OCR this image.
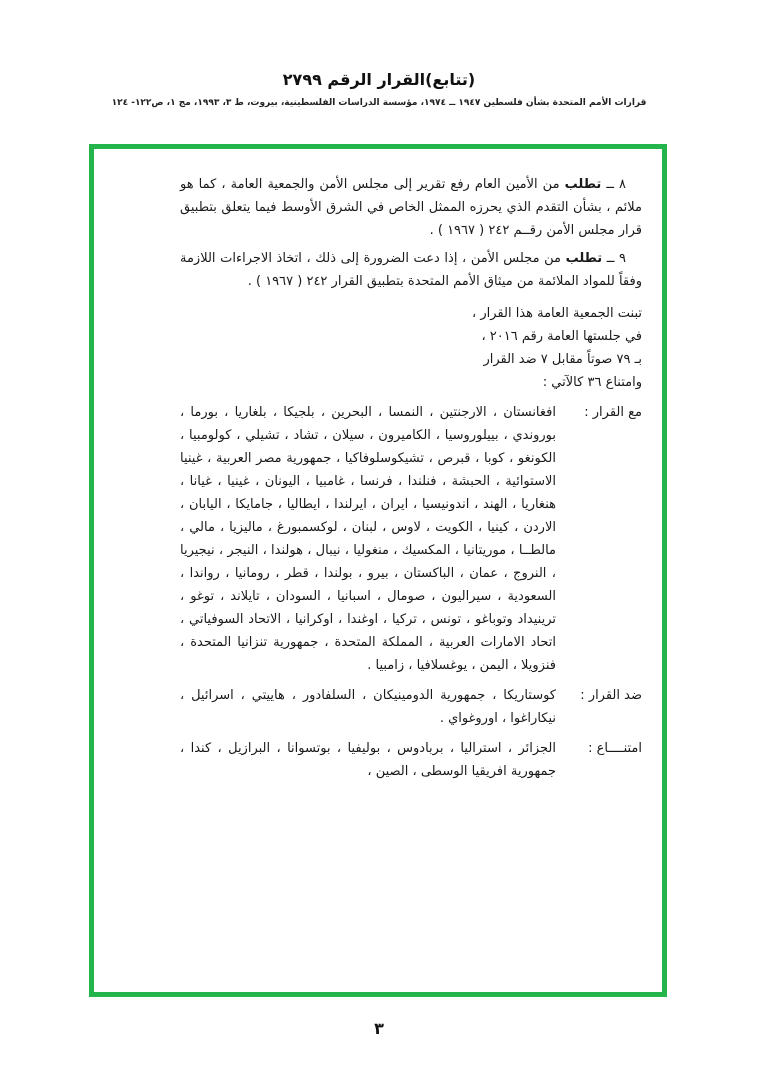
(تتابع)القرار الرقم ٢٧٩٩
قرارات الأمم المتحدة بشأن فلسطين ١٩٤٧ ــ ١٩٧٤، مؤسسة الدراسات الفلسطينية، بيروت، ط ٣، ١٩٩٣، مج ١، ص١٢٢- ١٢٤

٨ ــ تطلب من الأمين العام رفع تقرير إلى مجلس الأمن والجمعية العامة ، كما هو ملائم ، بشأن التقدم الذي يحرزه الممثل الخاص في الشرق الأوسط فيما يتعلق بتطبيق قرار مجلس الأمن رقــم ٢٤٢ ( ١٩٦٧ ) .

٩ ــ تطلب من مجلس الأمن ، إذا دعت الضرورة إلى ذلك ، اتخاذ الاجراءات اللازمة وفقاً للمواد الملائمة من ميثاق الأمم المتحدة بتطبيق القرار ٢٤٢ ( ١٩٦٧ ) .

تبنت الجمعية العامة هذا القرار ،
في جلستها العامة رقم ٢٠١٦ ،
بـ ٧٩ صوتاً مقابل ٧ ضد القرار
وامتناع ٣٦ كالآتي :
مع القرار :
افغانستان ، الارجنتين ، النمسا ، البحرين ، بلجيكا ، بلغاريا ، بورما ، بوروندي ، بييلوروسيا ، الكاميرون ، سيلان ، تشاد ، تشيلي ، كولومبيا ، الكونغو ، كوبا ، قبرص ، تشيكوسلوفاكيا ، جمهورية مصر العربية ، غينيا الاستوائية ، الحبشة ، فنلندا ، فرنسا ، غامبيا ، اليونان ، غينيا ، غيانا ، هنغاريا ، الهند ، اندونيسيا ، ايران ، ايرلندا ، ايطاليا ، جامايكا ، اليابان ، الاردن ، كينيا ، الكويت ، لاوس ، لبنان ، لوكسمبورغ ، ماليزيا ، مالي ، مالطــا ، موريتانيا ، المكسيك ، منغوليا ، نيبال ، هولندا ، النيجر ، نيجيريا ، النروج ، عمان ، الباكستان ، بيرو ، بولندا ، قطر ، رومانيا ، رواندا ، السعودية ، سيراليون ، صومال ، اسبانيا ، السودان ، تايلاند ، توغو ، ترينيداد وتوباغو ، تونس ، تركيا ، اوغندا ، اوكرانيا ، الاتحاد السوفياتي ، اتحاد الامارات العربية ، المملكة المتحدة ، جمهورية تنزانيا المتحدة ، فنزويلا ، اليمن ، يوغسلافيا ، زامبيا .
ضد القرار :
كوستاريكا ، جمهورية الدومينيكان ، السلفادور ، هاييتي ، اسرائيل ، نيكاراغوا ، اوروغواي .
امتنــــاع :
الجزائر ، استراليا ، بربادوس ، بوليفيا ، بوتسوانا ، البرازيل ، كندا ، جمهورية افريقيا الوسطى ، الصين ،
٣
